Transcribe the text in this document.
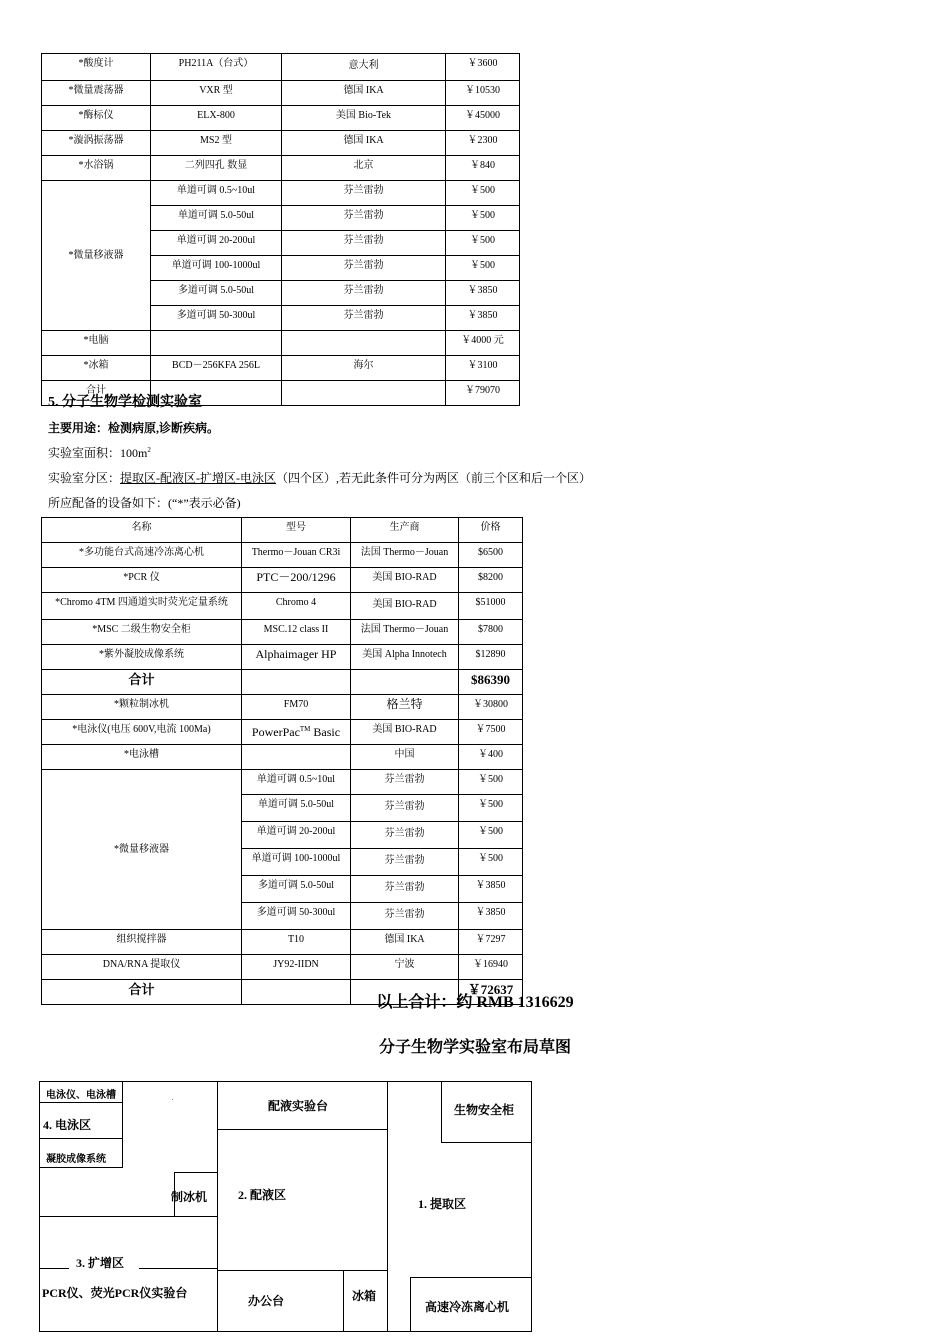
*酸度计	PH211A（台式）	意大利	￥3600
*微量震荡器	VXR 型	德国 IKA	￥10530
*酶标仪	ELX-800	美国 Bio-Tek	￥45000
*漩涡振荡器	MS2 型	德国 IKA	￥2300
*水浴锅	二列四孔 数显	北京	￥840
*微量移液器	单道可调 0.5~10ul	芬兰雷勃	￥500
	单道可调 5.0-50ul	芬兰雷勃	￥500
	单道可调 20-200ul	芬兰雷勃	￥500
	单道可调 100-1000ul	芬兰雷勃	￥500
	多道可调 5.0-50ul	芬兰雷勃	￥3850
	多道可调 50-300ul	芬兰雷勃	￥3850
*电脑			￥4000 元
*冰箱	BCD－256KFA 256L	海尔	￥3100
合计			￥79070
5. 分子生物学检测实验室
主要用途：检测病原,诊断疾病。
实验室面积：$100m^2$
实验室分区：提取区-配液区-扩增区-电泳区（四个区）,若无此条件可分为两区（前三个区和后一个区）
所应配备的设备如下：(“*”表示必备)
名称	型号	生产商	价格
*多功能台式高速冷冻离心机	Thermo－Jouan CR3i	法国 Thermo－Jouan	$6500
*PCR 仪	PTC－200/1296	美国 BIO-RAD	$8200
*Chromo 4TM 四通道实时荧光定量系统	Chromo 4	美国 BIO-RAD	$51000
*MSC 二级生物安全柜	MSC.12 class II	法国 Thermo－Jouan	$7800
*紫外凝胶成像系统	Alphaimager HP	美国 Alpha Innotech	$12890
合计			$86390
*颗粒制冰机	FM70	格兰特	￥30800
*电泳仪(电压 600V,电流 100Ma)	PowerPac™ Basic	美国 BIO-RAD	￥7500
*电泳槽		中国	￥400
*微量移液器	单道可调 0.5~10ul	芬兰雷勃	￥500
	单道可调 5.0-50ul	芬兰雷勃	￥500
	单道可调 20-200ul	芬兰雷勃	￥500
	单道可调 100-1000ul	芬兰雷勃	￥500
	多道可调 5.0-50ul	芬兰雷勃	￥3850
	多道可调 50-300ul	芬兰雷勃	￥3850
组织搅拌器	T10	德国 IKA	￥7297
DNA/RNA 提取仪	JY92-IIDN	宁波	￥16940
合计			￥72637
以上合计：约 RMB 1316629
分子生物学实验室布局草图
电泳仪、电泳槽
4. 电泳区
凝胶成像系统
制冰机
3. 扩增区
PCR仪、荧光PCR仪实验台
配液实验台
2. 配液区
办公台	冰箱
生物安全柜
1. 提取区
高速冷冻离心机
